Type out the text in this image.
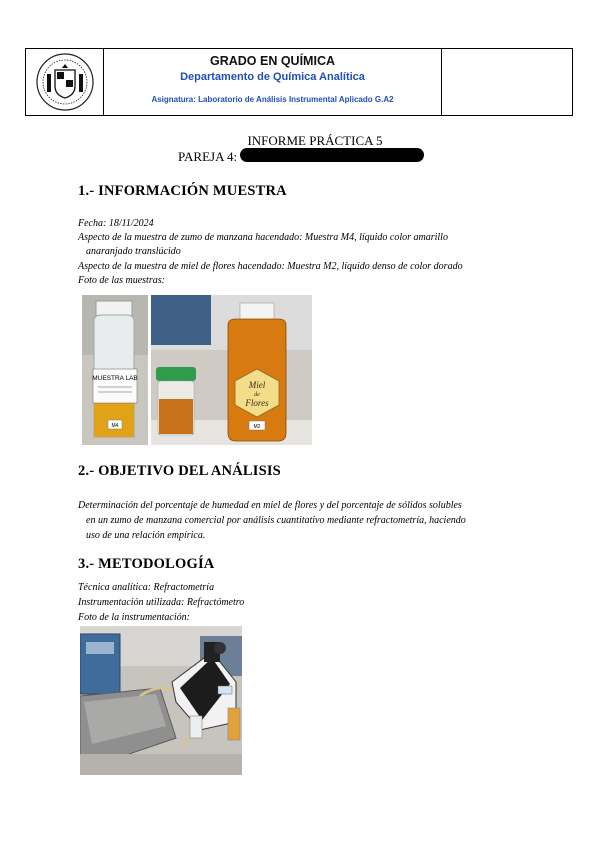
GRADO EN QUÍMICA
Departamento de Química Analítica
Asignatura: Laboratorio de Análisis Instrumental Aplicado G.A2
INFORME PRÁCTICA 5
PAREJA 4:
1.- INFORMACIÓN MUESTRA
Fecha: 18/11/2024
Aspecto de la muestra de zumo de manzana hacendado: Muestra M4, líquido color amarillo
anaranjado translúcido
Aspecto de la muestra de miel de flores hacendado: Muestra M2, líquido denso de color dorado
Foto de las muestras:
MUESTRA LAB
M4
Miel
de
Flores
M2
2.- OBJETIVO DEL ANÁLISIS
Determinación del porcentaje de humedad en miel de flores y del porcentaje de sólidos solubles
en un zumo de manzana comercial por análisis cuantitativo mediante refractometría, haciendo
uso de una relación empírica.
3.- METODOLOGÍA
Técnica analítica: Refractometría
Instrumentación utilizada: Refractómetro
Foto de la instrumentación:
